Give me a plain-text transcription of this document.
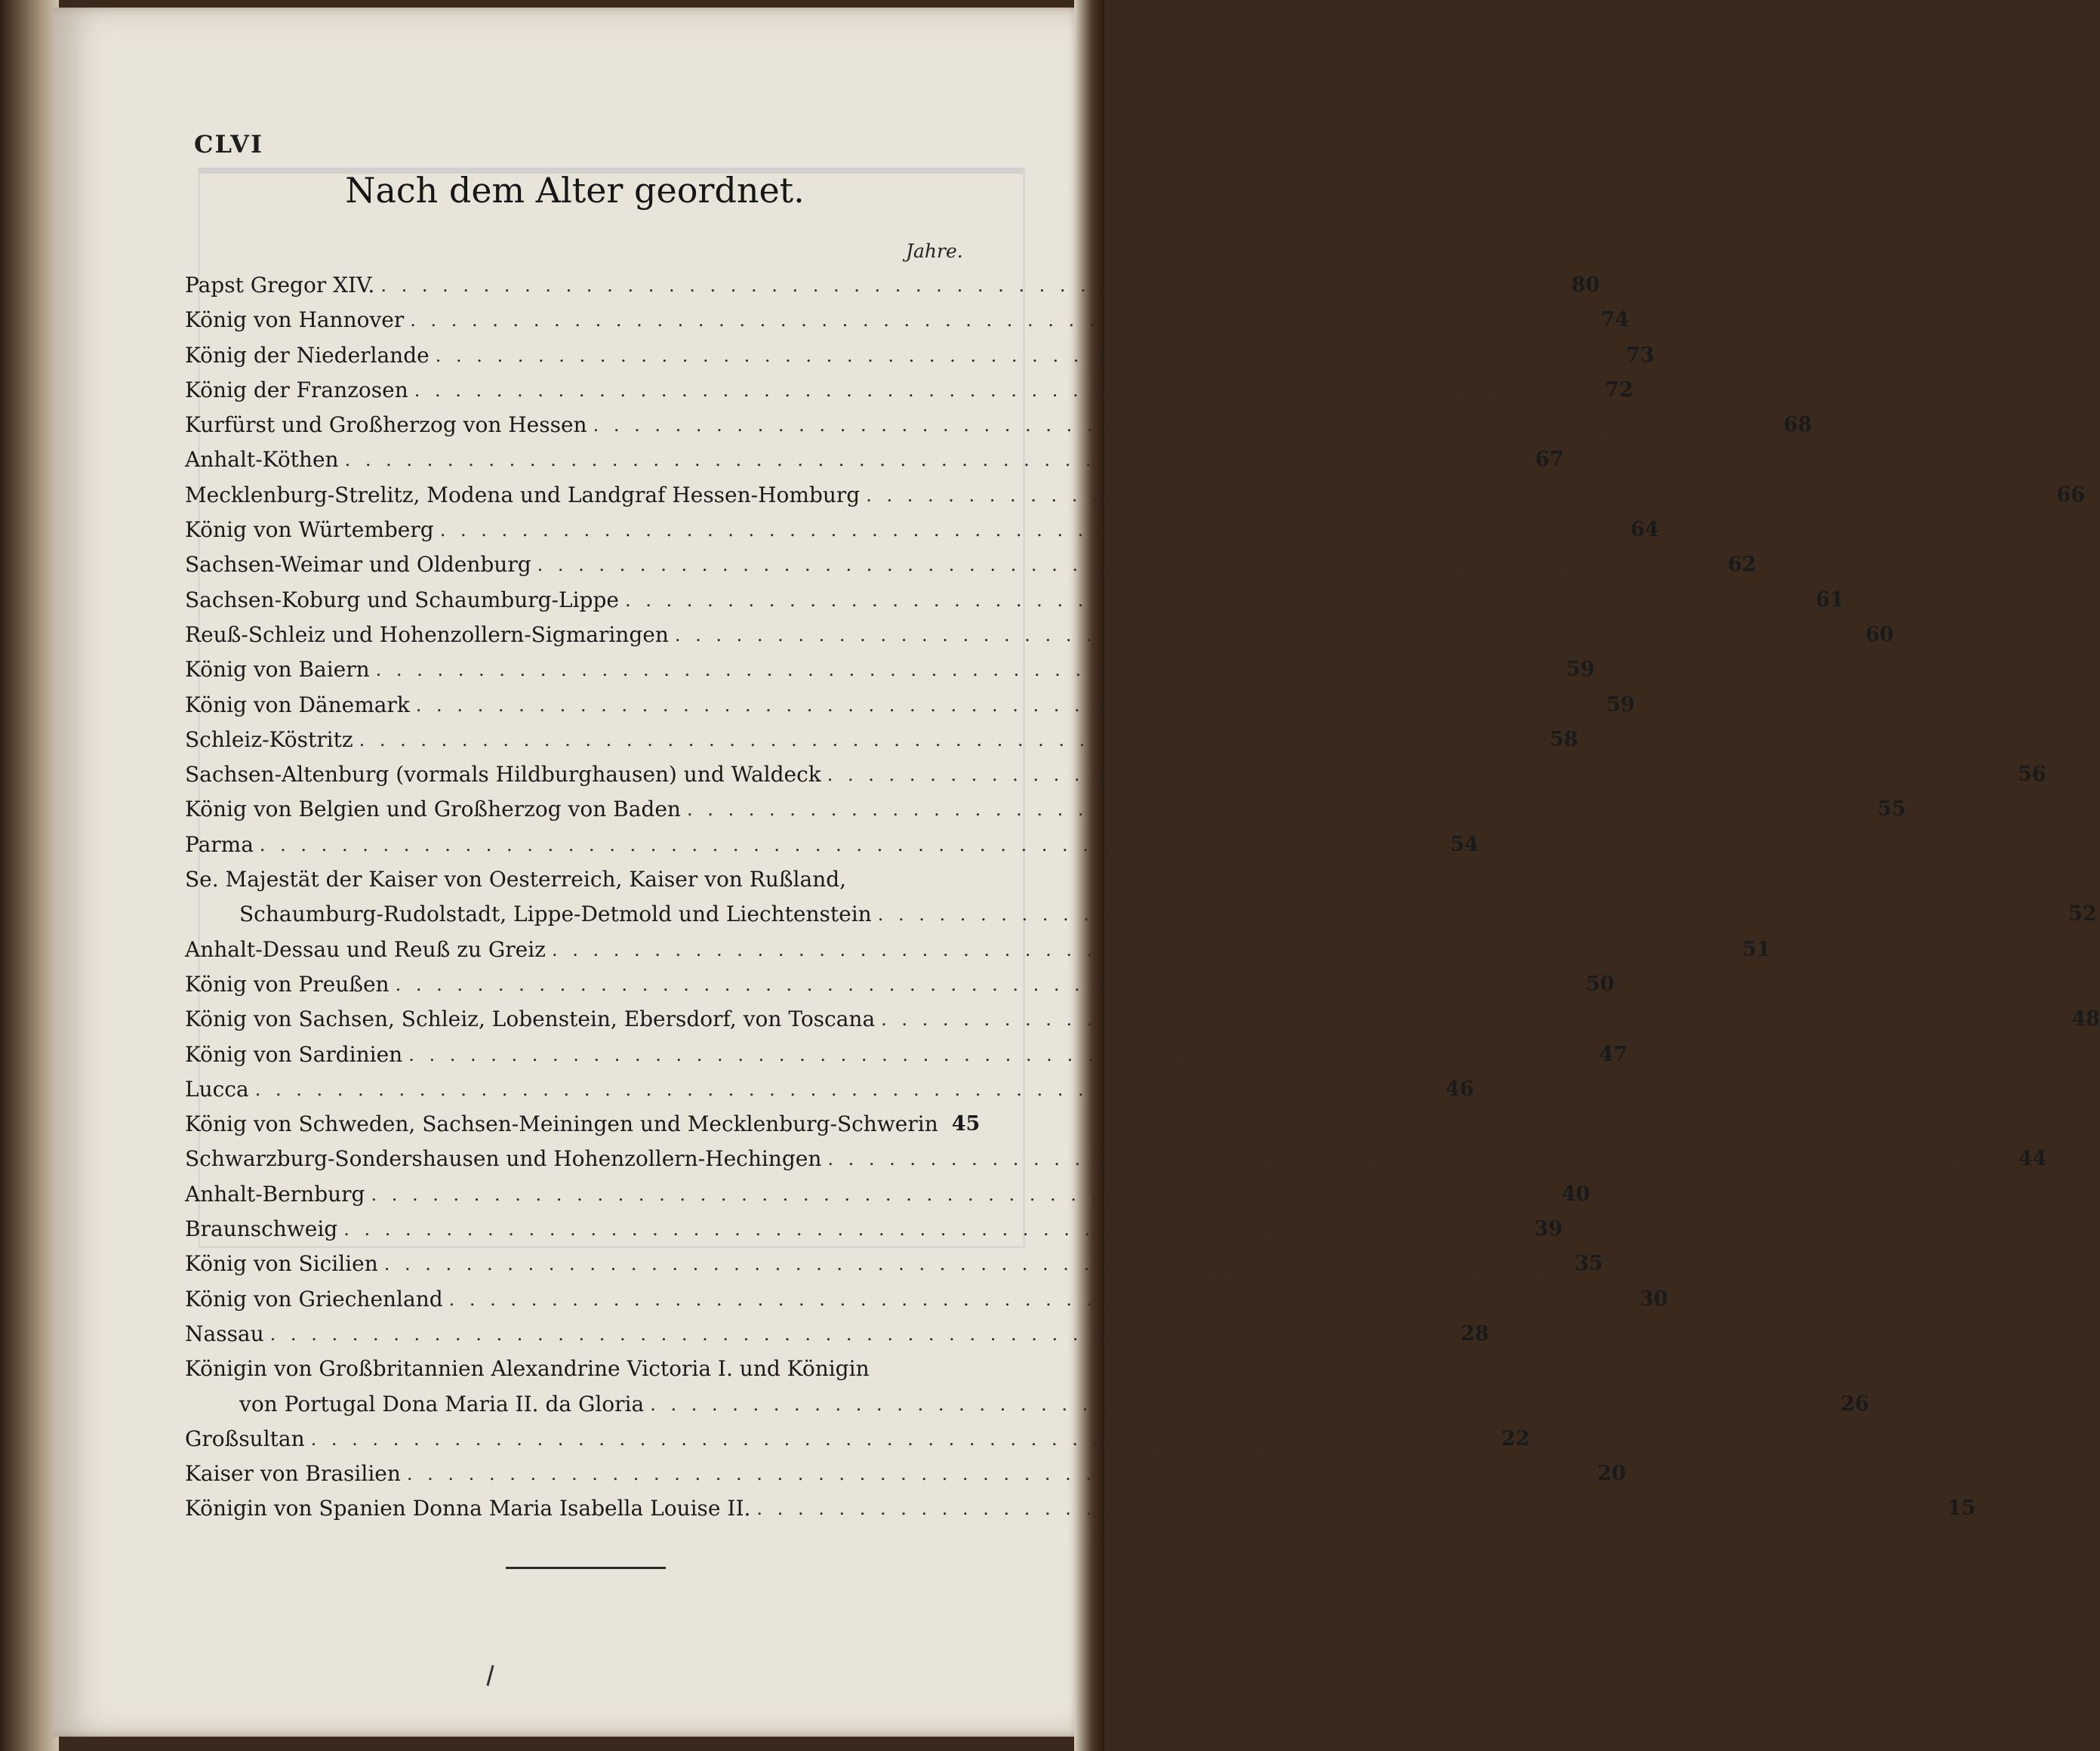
CLVI
Nach dem Alter geordnet.
Jahre.
Papst Gregor XIV. . . . . . . . . . . . . . . . . . . . . . . . . . . . . . . . . . . . . . . . . . . . . . . . . . . . . . . . . . . 80
König von Hannover . . . . . . . . . . . . . . . . . . . . . . . . . . . . . . . . . . . . . . . . . . . . . . . . . . . . . . . . . . 74
König der Niederlande . . . . . . . . . . . . . . . . . . . . . . . . . . . . . . . . . . . . . . . . . . . . . . . . . . . . . . . . . . 73
König der Franzosen . . . . . . . . . . . . . . . . . . . . . . . . . . . . . . . . . . . . . . . . . . . . . . . . . . . . . . . . . . 72
Kurfürst und Großherzog von Hessen . . . . . . . . . . . . . . . . . . . . . . . . . . . . . . . . . . . . . . . . . . . . . . . . . . . . . . . . . . 68
Anhalt-Köthen . . . . . . . . . . . . . . . . . . . . . . . . . . . . . . . . . . . . . . . . . . . . . . . . . . . . . . . . . . 67
Mecklenburg-Strelitz, Modena und Landgraf Hessen-Homburg . . . . . . . . . . . . . . . . . . . . . . . . . . . . . . . . . . . . . . . . . . . . . . . . . . . . . . . . . . 66
König von Würtemberg . . . . . . . . . . . . . . . . . . . . . . . . . . . . . . . . . . . . . . . . . . . . . . . . . . . . . . . . . . 64
Sachsen-Weimar und Oldenburg . . . . . . . . . . . . . . . . . . . . . . . . . . . . . . . . . . . . . . . . . . . . . . . . . . . . . . . . . . 62
Sachsen-Koburg und Schaumburg-Lippe . . . . . . . . . . . . . . . . . . . . . . . . . . . . . . . . . . . . . . . . . . . . . . . . . . . . . . . . . . 61
Reuß-Schleiz und Hohenzollern-Sigmaringen . . . . . . . . . . . . . . . . . . . . . . . . . . . . . . . . . . . . . . . . . . . . . . . . . . . . . . . . . . 60
König von Baiern . . . . . . . . . . . . . . . . . . . . . . . . . . . . . . . . . . . . . . . . . . . . . . . . . . . . . . . . . . 59
König von Dänemark . . . . . . . . . . . . . . . . . . . . . . . . . . . . . . . . . . . . . . . . . . . . . . . . . . . . . . . . . . 59
Schleiz-Köstritz . . . . . . . . . . . . . . . . . . . . . . . . . . . . . . . . . . . . . . . . . . . . . . . . . . . . . . . . . . 58
Sachsen-Altenburg (vormals Hildburghausen) und Waldeck . . . . . . . . . . . . . . . . . . . . . . . . . . . . . . . . . . . . . . . . . . . . . . . . . . . . . . . . . . 56
König von Belgien und Großherzog von Baden . . . . . . . . . . . . . . . . . . . . . . . . . . . . . . . . . . . . . . . . . . . . . . . . . . . . . . . . . . 55
Parma . . . . . . . . . . . . . . . . . . . . . . . . . . . . . . . . . . . . . . . . . . . . . . . . . . . . . . . . . . 54
Se. Majestät der Kaiser von Oesterreich, Kaiser von Rußland,
Schaumburg-Rudolstadt, Lippe-Detmold und Liechtenstein . . . . . . . . . . . . . . . . . . . . . . . . . . . . . . . . . . . . . . . . . . . . . . . . . . . . . . . . . . 52
Anhalt-Dessau und Reuß zu Greiz . . . . . . . . . . . . . . . . . . . . . . . . . . . . . . . . . . . . . . . . . . . . . . . . . . . . . . . . . . 51
König von Preußen . . . . . . . . . . . . . . . . . . . . . . . . . . . . . . . . . . . . . . . . . . . . . . . . . . . . . . . . . . 50
König von Sachsen, Schleiz, Lobenstein, Ebersdorf, von Toscana . . . . . . . . . . . . . . . . . . . . . . . . . . . . . . . . . . . . . . . . . . . . . . . . . . . . . . . . . . 48
König von Sardinien . . . . . . . . . . . . . . . . . . . . . . . . . . . . . . . . . . . . . . . . . . . . . . . . . . . . . . . . . . 47
Lucca . . . . . . . . . . . . . . . . . . . . . . . . . . . . . . . . . . . . . . . . . . . . . . . . . . . . . . . . . . 46
König von Schweden, Sachsen-Meiningen und Mecklenburg-Schwerin 45
Schwarzburg-Sondershausen und Hohenzollern-Hechingen . . . . . . . . . . . . . . . . . . . . . . . . . . . . . . . . . . . . . . . . . . . . . . . . . . . . . . . . . . 44
Anhalt-Bernburg . . . . . . . . . . . . . . . . . . . . . . . . . . . . . . . . . . . . . . . . . . . . . . . . . . . . . . . . . . 40
Braunschweig . . . . . . . . . . . . . . . . . . . . . . . . . . . . . . . . . . . . . . . . . . . . . . . . . . . . . . . . . . 39
König von Sicilien . . . . . . . . . . . . . . . . . . . . . . . . . . . . . . . . . . . . . . . . . . . . . . . . . . . . . . . . . . 35
König von Griechenland . . . . . . . . . . . . . . . . . . . . . . . . . . . . . . . . . . . . . . . . . . . . . . . . . . . . . . . . . . 30
Nassau . . . . . . . . . . . . . . . . . . . . . . . . . . . . . . . . . . . . . . . . . . . . . . . . . . . . . . . . . . 28
Königin von Großbritannien Alexandrine Victoria I. und Königin
von Portugal Dona Maria II. da Gloria . . . . . . . . . . . . . . . . . . . . . . . . . . . . . . . . . . . . . . . . . . . . . . . . . . . . . . . . . . 26
Großsultan . . . . . . . . . . . . . . . . . . . . . . . . . . . . . . . . . . . . . . . . . . . . . . . . . . . . . . . . . . 22
Kaiser von Brasilien . . . . . . . . . . . . . . . . . . . . . . . . . . . . . . . . . . . . . . . . . . . . . . . . . . . . . . . . . . 20
Königin von Spanien Donna Maria Isabella Louise II. . . . . . . . . . . . . . . . . . . . . . . . . . . . . . . . . . . . . . . . . . . . . . . . . . . . . . . . . . . 15
